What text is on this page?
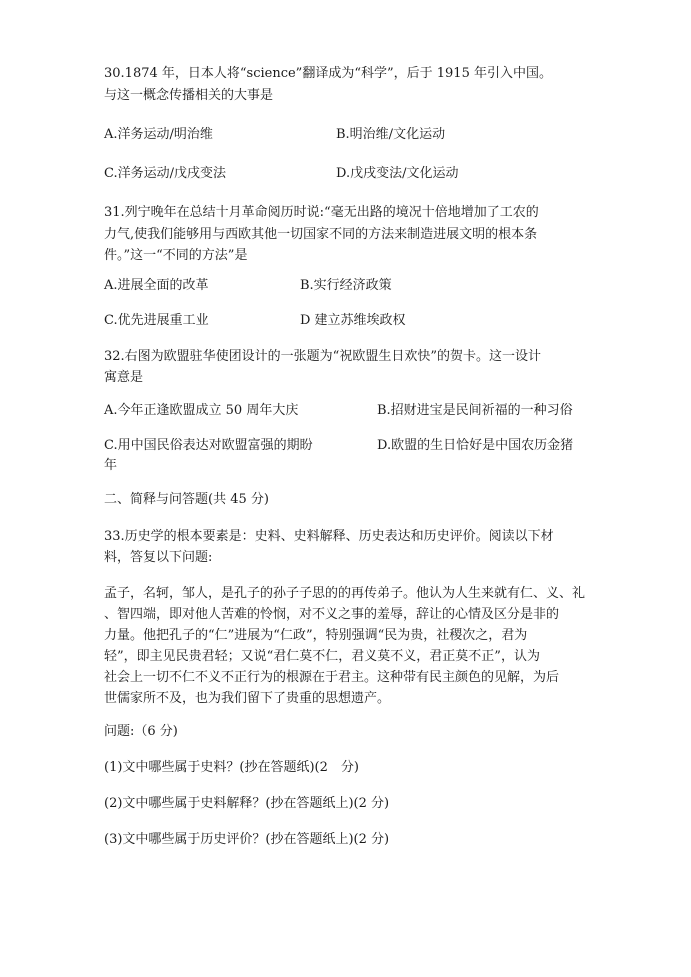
30.1874 年，日本人将“science”翻译成为“科学”，后于 1915 年引入中国。
与这一概念传播相关的大事是
A.洋务运动/明治维	B.明治维/文化运动
C.洋务运动/戊戌变法	D.戊戌变法/文化运动
31.列宁晚年在总结十月革命阅历时说:“毫无出路的境况十倍地增加了工农的
力气,使我们能够用与西欧其他一切国家不同的方法来制造进展文明的根本条
件。”这一“不同的方法”是
A.进展全面的改革	B.实行经济政策
C.优先进展重工业	D 建立苏维埃政权
32.右图为欧盟驻华使团设计的一张题为“祝欧盟生日欢快”的贺卡。这一设计
寓意是
A.今年正逢欧盟成立 50 周年大庆	B.招财进宝是民间祈福的一种习俗
C.用中国民俗表达对欧盟富强的期盼	D.欧盟的生日恰好是中国农历金猪
年
二、简释与问答题(共 45 分)
33.历史学的根本要素是：史料、史料解释、历史表达和历史评价。阅读以下材
料，答复以下问题:
孟子，名轲，邹人，是孔子的孙子子思的的再传弟子。他认为人生来就有仁、义、礼
、智四端，即对他人苦难的怜悯，对不义之事的羞辱，辞让的心情及区分是非的
力量。他把孔子的“仁”进展为“仁政”，特别强调“民为贵，社稷次之，君为
轻”，即主见民贵君轻；又说“君仁莫不仁，君义莫不义，君正莫不正”，认为
社会上一切不仁不义不正行为的根源在于君主。这种带有民主颜色的见解，为后
世儒家所不及，也为我们留下了贵重的思想遗产。
问题:（6 分)
(1)文中哪些属于史料？(抄在答题纸)(2　分)
(2)文中哪些属于史料解释？(抄在答题纸上)(2 分)
(3)文中哪些属于历史评价？(抄在答题纸上)(2 分)
